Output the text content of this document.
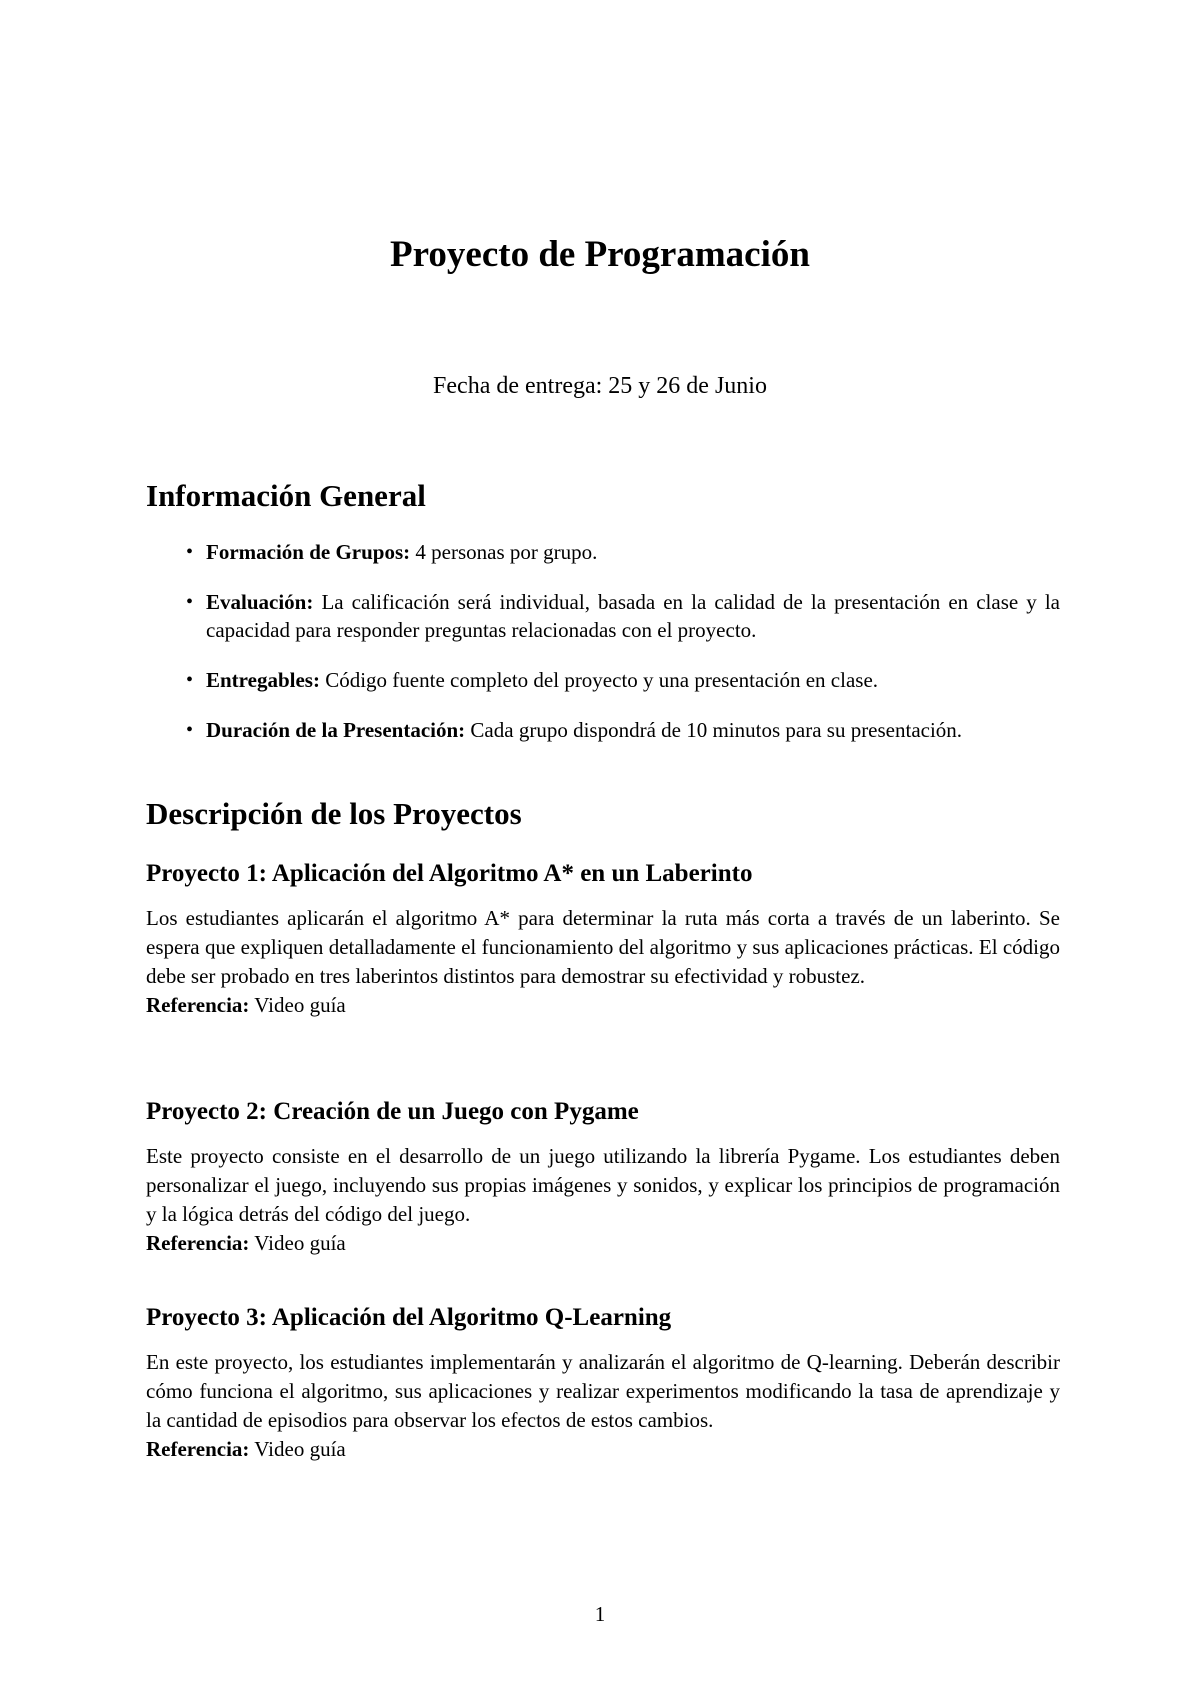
Proyecto de Programación

Fecha de entrega: 25 y 26 de Junio

Información General
• Formación de Grupos: 4 personas por grupo.
• Evaluación: La calificación será individual, basada en la calidad de la presentación en clase y la capacidad para responder preguntas relacionadas con el proyecto.
• Entregables: Código fuente completo del proyecto y una presentación en clase.
• Duración de la Presentación: Cada grupo dispondrá de 10 minutos para su presentación.
Descripción de los Proyectos
Proyecto 1: Aplicación del Algoritmo A* en un Laberinto

Los estudiantes aplicarán el algoritmo A* para determinar la ruta más corta a través de un laberinto. Se espera que expliquen detalladamente el funcionamiento del algoritmo y sus aplicaciones prácticas. El código debe ser probado en tres laberintos distintos para demostrar su efectividad y robustez.

Referencia: Video guía

Proyecto 2: Creación de un Juego con Pygame

Este proyecto consiste en el desarrollo de un juego utilizando la librería Pygame. Los estudiantes deben personalizar el juego, incluyendo sus propias imágenes y sonidos, y explicar los principios de programación y la lógica detrás del código del juego.

Referencia: Video guía

Proyecto 3: Aplicación del Algoritmo Q-Learning

En este proyecto, los estudiantes implementarán y analizarán el algoritmo de Q-learning. Deberán describir cómo funciona el algoritmo, sus aplicaciones y realizar experimentos modificando la tasa de aprendizaje y la cantidad de episodios para observar los efectos de estos cambios.

Referencia: Video guía

1
